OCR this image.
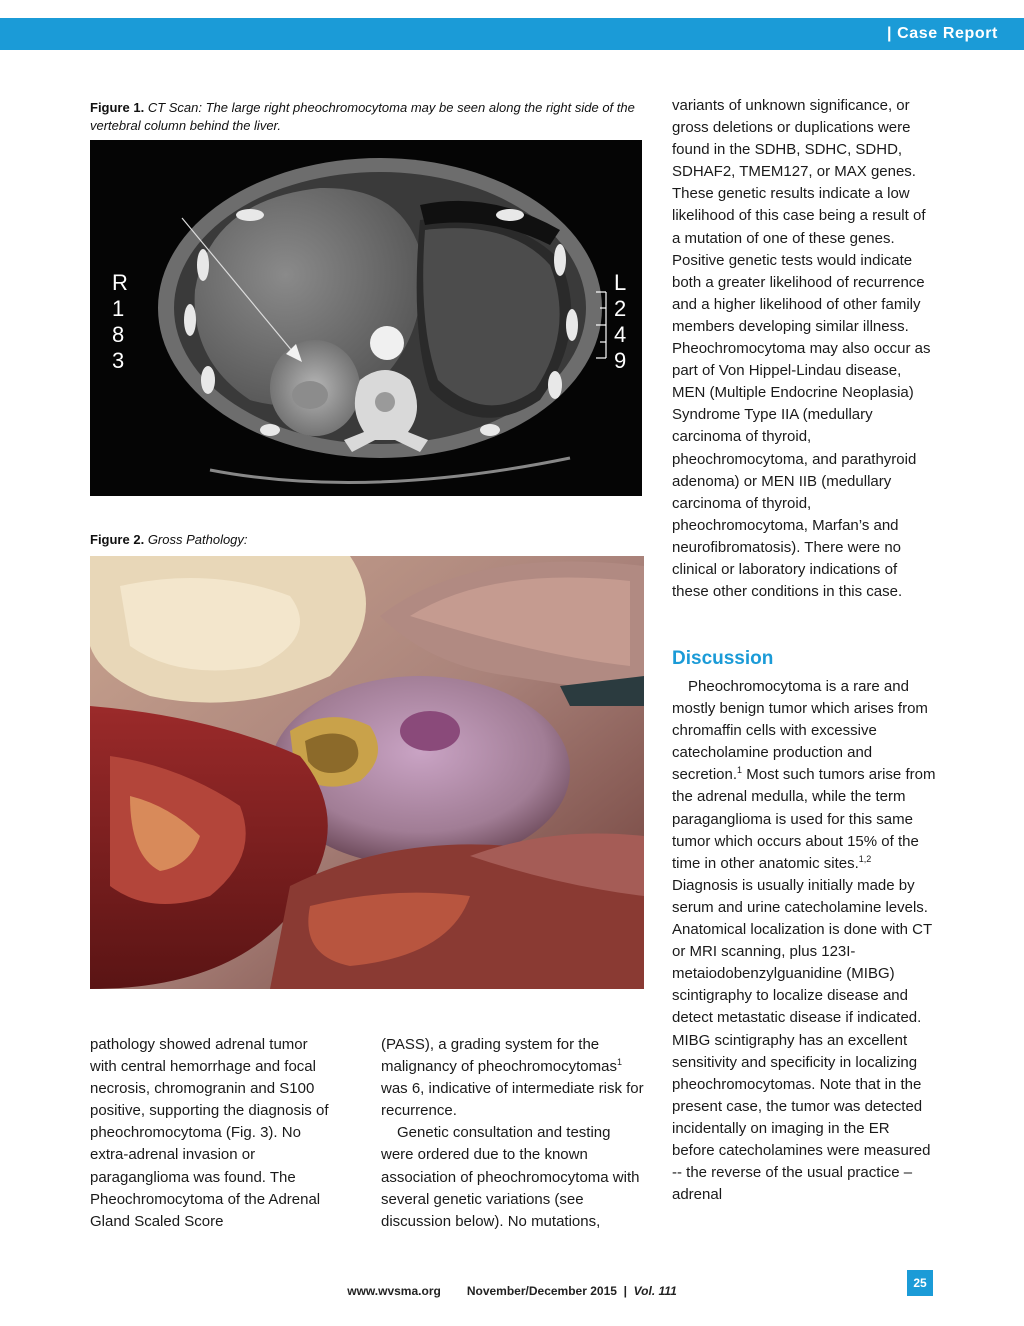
| Case Report
Figure 1. CT Scan: The large right pheochromocytoma may be seen along the right side of the vertebral column behind the liver.
R
1
8
3
L
2
4
9
Figure 2. Gross Pathology:

pathology showed adrenal tumor with central hemorrhage and focal necrosis, chromogranin and S100 positive, supporting the diagnosis of pheochromocytoma (Fig. 3). No extra-adrenal invasion or paraganglioma was found. The Pheochromocytoma of the Adrenal Gland Scaled Score

(PASS), a grading system for the malignancy of pheochromocytomas$^1$ was 6, indicative of intermediate risk for recurrence.

Genetic consultation and testing were ordered due to the known association of pheochromocytoma with several genetic variations (see discussion below). No mutations,

variants of unknown significance, or gross deletions or duplications were found in the SDHB, SDHC, SDHD, SDHAF2, TMEM127, or MAX genes. These genetic results indicate a low likelihood of this case being a result of a mutation of one of these genes. Positive genetic tests would indicate both a greater likelihood of recurrence and a higher likelihood of other family members developing similar illness. Pheochromocytoma may also occur as part of Von Hippel-Lindau disease, MEN (Multiple Endocrine Neoplasia) Syndrome Type IIA (medullary carcinoma of thyroid, pheochromocytoma, and parathyroid adenoma) or MEN IIB (medullary carcinoma of thyroid, pheochromocytoma, Marfan’s and neurofibromatosis). There were no clinical or laboratory indications of these other conditions in this case.

Discussion

Pheochromocytoma is a rare and mostly benign tumor which arises from chromaffin cells with excessive catecholamine production and secretion.$^1$ Most such tumors arise from the adrenal medulla, while the term paraganglioma is used for this same tumor which occurs about 15% of the time in other anatomic sites.$^{1,2}$ Diagnosis is usually initially made by serum and urine catecholamine levels. Anatomical localization is done with CT or MRI scanning, plus 123I-metaiodobenzylguanidine (MIBG) scintigraphy to localize disease and detect metastatic disease if indicated. MIBG scintigraphy has an excellent sensitivity and specificity in localizing pheochromocytomas. Note that in the present case, the tumor was detected incidentally on imaging in the ER before catecholamines were measured -- the reverse of the usual practice – adrenal

www.wvsma.org November/December 2015 | Vol. 111
25
